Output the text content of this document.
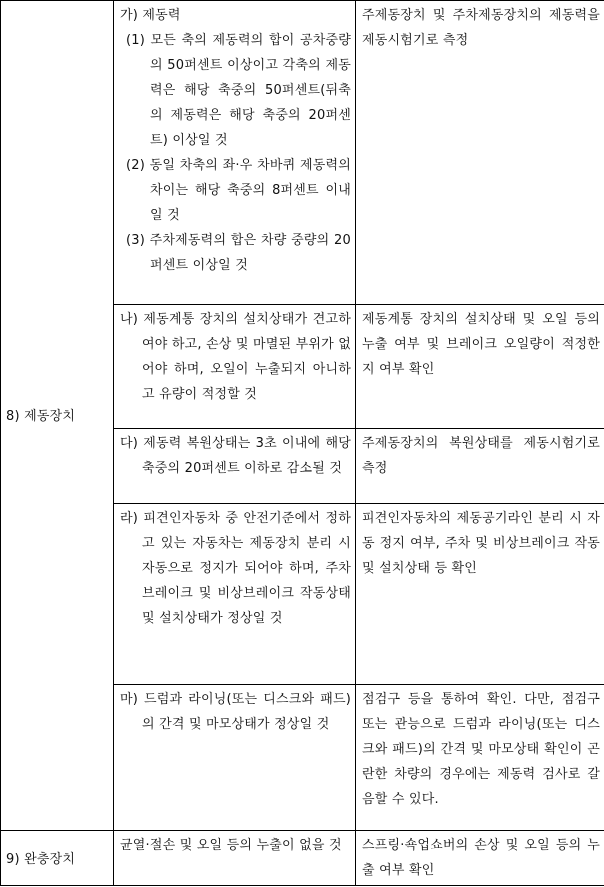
8) 제동장치	가) 제동력
(1) 모든 축의 제동력의 합이 공차중량의 50퍼센트 이상이고 각축의 제동력은 해당 축중의 50퍼센트(뒤축의 제동력은 해당 축중의 20퍼센트) 이상일 것
(2) 동일 차축의 좌·우 차바퀴 제동력의 차이는 해당 축중의 8퍼센트 이내일 것
(3) 주차제동력의 합은 차량 중량의 20퍼센트 이상일 것	주제동장치 및 주차제동장치의 제동력을 제동시험기로 측정

	나) 제동계통 장치의 설치상태가 견고하여야 하고, 손상 및 마멸된 부위가 없어야 하며, 오일이 누출되지 아니하고 유량이 적정할 것	제동계통 장치의 설치상태 및 오일 등의 누출 여부 및 브레이크 오일량이 적정한지 여부 확인

	다) 제동력 복원상태는 3초 이내에 해당 축중의 20퍼센트 이하로 감소될 것	주제동장치의 복원상태를 제동시험기로 측정

	라) 피견인자동차 중 안전기준에서 정하고 있는 자동차는 제동장치 분리 시 자동으로 정지가 되어야 하며, 주차브레이크 및 비상브레이크 작동상태 및 설치상태가 정상일 것	피견인자동차의 제동공기라인 분리 시 자동 정지 여부, 주차 및 비상브레이크 작동 및 설치상태 등 확인

	마) 드럼과 라이닝(또는 디스크와 패드)의 간격 및 마모상태가 정상일 것	점검구 등을 통하여 확인. 다만, 점검구 또는 관능으로 드럼과 라이닝(또는 디스크와 패드)의 간격 및 마모상태 확인이 곤란한 차량의 경우에는 제동력 검사로 갈음할 수 있다.
9) 완충장치	균열·절손 및 오일 등의 누출이 없을 것	스프링·쇽업쇼버의 손상 및 오일 등의 누출 여부 확인
